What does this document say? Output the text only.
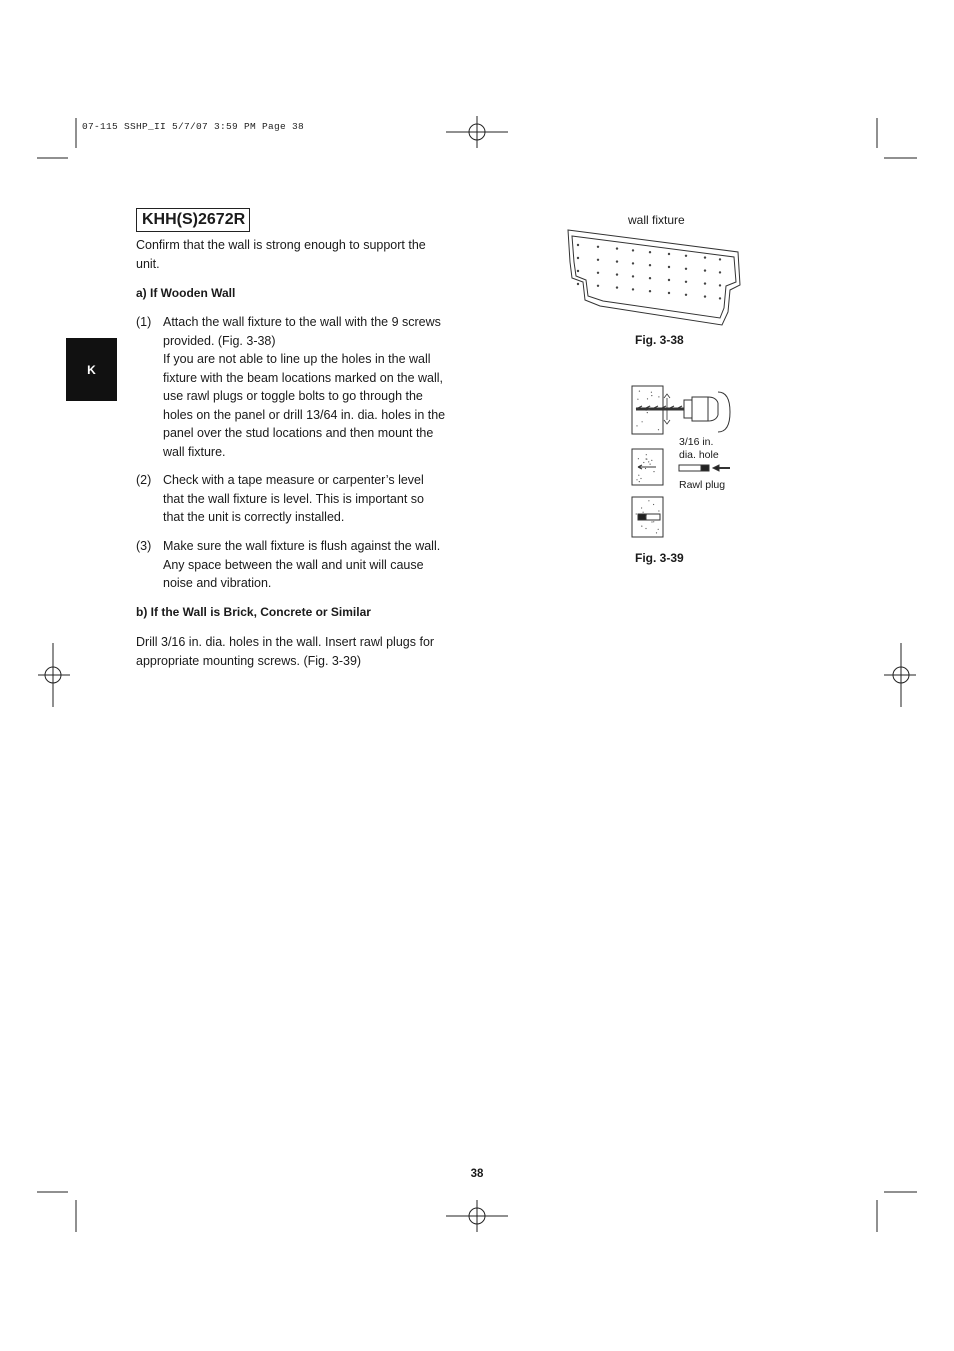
07-115 SSHP_II 5/7/07 3:59 PM Page 38
KHH(S)2672R
K
Confirm that the wall is strong enough to support the
unit.
a) If Wooden Wall
(1) Attach the wall fixture to the wall with the 9 screws
provided. (Fig. 3-38)
If you are not able to line up the holes in the wall
fixture with the beam locations marked on the wall,
use rawl plugs or toggle bolts to go through the
holes on the panel or drill 13/64 in. dia. holes in the
panel over the stud locations and then mount the
wall fixture.
(2) Check with a tape measure or carpenter’s level
that the wall fixture is level. This is important so
that the unit is correctly installed.
(3) Make sure the wall fixture is flush against the wall.
Any space between the wall and unit will cause
noise and vibration.
b) If the Wall is Brick, Concrete or Similar
Drill 3/16 in. dia. holes in the wall. Insert rawl plugs for
appropriate mounting screws. (Fig. 3-39)
wall fixture
Fig. 3-38
3/16 in.
dia. hole
Rawl plug
Fig. 3-39
38
